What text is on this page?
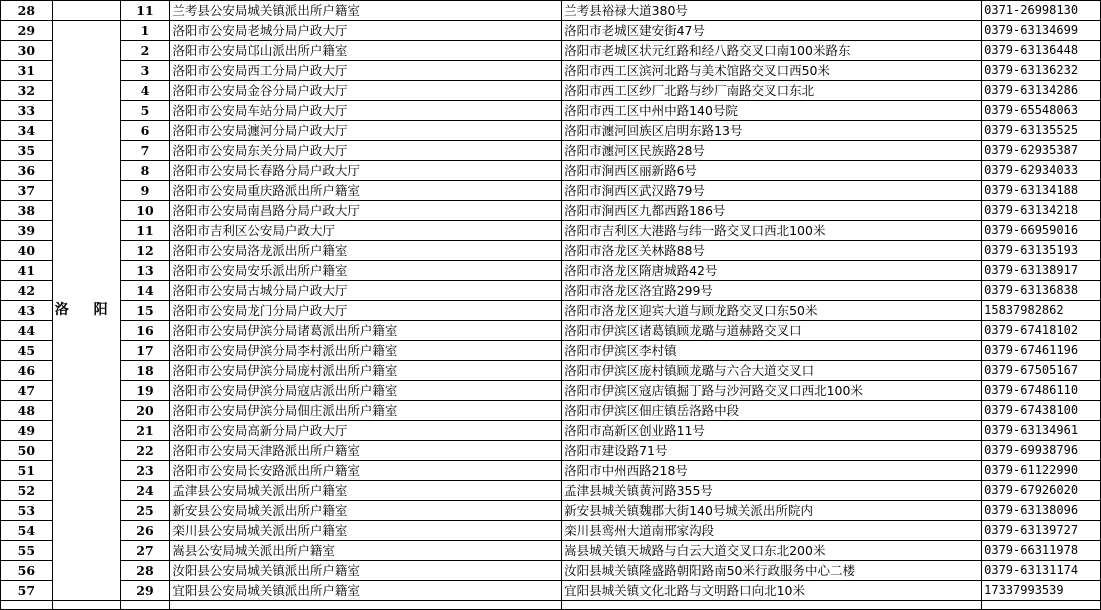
28		11	兰考县公安局城关镇派出所户籍室	兰考县裕禄大道380号	0371-26998130
29	洛 阳	1	洛阳市公安局老城分局户政大厅	洛阳市老城区建安街47号	0379-63134699
30		2	洛阳市公安局邙山派出所户籍室	洛阳市老城区状元红路和经八路交叉口南100米路东	0379-63136448
31		3	洛阳市公安局西工分局户政大厅	洛阳市西工区滨河北路与美术馆路交叉口西50米	0379-63136232
32		4	洛阳市公安局金谷分局户政大厅	洛阳市西工区纱厂北路与纱厂南路交叉口东北	0379-63134286
33		5	洛阳市公安局车站分局户政大厅	洛阳市西工区中州中路140号院	0379-65548063
34		6	洛阳市公安局瀍河分局户政大厅	洛阳市瀍河回族区启明东路13号	0379-63135525
35		7	洛阳市公安局东关分局户政大厅	洛阳市瀍河区民族路28号	0379-62935387
36		8	洛阳市公安局长春路分局户政大厅	洛阳市涧西区丽新路6号	0379-62934033
37		9	洛阳市公安局重庆路派出所户籍室	洛阳市涧西区武汉路79号	0379-63134188
38		10	洛阳市公安局南昌路分局户政大厅	洛阳市涧西区九都西路186号	0379-63134218
39		11	洛阳市吉利区公安局户政大厅	洛阳市吉利区大港路与纬一路交叉口西北100米	0379-66959016
40		12	洛阳市公安局洛龙派出所户籍室	洛阳市洛龙区关林路88号	0379-63135193
41		13	洛阳市公安局安乐派出所户籍室	洛阳市洛龙区隋唐城路42号	0379-63138917
42		14	洛阳市公安局古城分局户政大厅	洛阳市洛龙区洛宜路299号	0379-63136838
43		15	洛阳市公安局龙门分局户政大厅	洛阳市洛龙区迎宾大道与顾龙路交叉口东50米	15837982862
44		16	洛阳市公安局伊滨分局诸葛派出所户籍室	洛阳市伊滨区诸葛镇顾龙璐与道赫路交叉口	0379-67418102
45		17	洛阳市公安局伊滨分局李村派出所户籍室	洛阳市伊滨区李村镇	0379-67461196
46		18	洛阳市公安局伊滨分局庞村派出所户籍室	洛阳市伊滨区庞村镇顾龙璐与六合大道交叉口	0379-67505167
47		19	洛阳市公安局伊滨分局寇店派出所户籍室	洛阳市伊滨区寇店镇掘丁路与沙河路交叉口西北100米	0379-67486110
48		20	洛阳市公安局伊滨分局佃庄派出所户籍室	洛阳市伊滨区佃庄镇岳洛路中段	0379-67438100
49		21	洛阳市公安局高新分局户政大厅	洛阳市高新区创业路11号	0379-63134961
50		22	洛阳市公安局天津路派出所户籍室	洛阳市建设路71号	0379-69938796
51		23	洛阳市公安局长安路派出所户籍室	洛阳市中州西路218号	0379-61122990
52		24	孟津县公安局城关派出所户籍室	孟津县城关镇黄河路355号	0379-67926020
53		25	新安县公安局城关派出所户籍室	新安县城关镇魏郡大街140号城关派出所院内	0379-63138096
54		26	栾川县公安局城关派出所户籍室	栾川县鸾州大道南邢家沟段	0379-63139727
55		27	嵩县公安局城关派出所户籍室	嵩县城关镇天城路与白云大道交叉口东北200米	0379-66311978
56		28	汝阳县公安局城关镇派出所户籍室	汝阳县城关镇隆盛路朝阳路南50米行政服务中心二楼	0379-63131174
57		29	宜阳县公安局城关镇派出所户籍室	宜阳县城关镇文化北路与文明路口向北10米	17337993539
